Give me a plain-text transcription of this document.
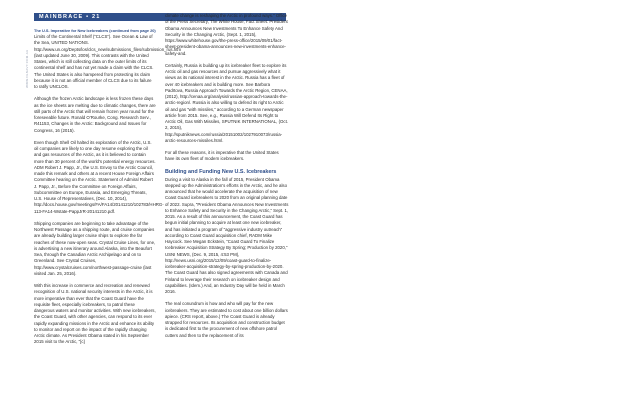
MAINBRACE • 21
WWW.NLNAVY.COM.AU
The U.S. Imperative for New Icebreakers (continued from page 20)

Limits of the Continental Shelf (“CLCS”). See Ocean & Law of the Sea, UNITED NATIONS. http://www.un.org/Depts/los/clcs_new/submissions_files/submission_rus.htm (last updated June 30, 2009). This contrasts with the United States, which is still collecting data on the outer limits of its continental shelf and has not yet made a claim with the CLCS. The United States is also hampered from protecting its claim because it is not an official member of CLCS due to its failure to ratify UNCLOS.

Although the frozen Arctic landscape is less frozen these days as the ice sheets are melting due to climatic changes, there are still parts of the Arctic that will remain frozen year round for the foreseeable future. Ronald O’Rourke, Cong. Research Serv., R41153, Changes in the Arctic: Background and Issues for Congress, 16 (2015).

Even though Shell Oil halted its exploration of the Arctic, U.S. oil companies are likely to one day resume exploring the oil and gas resources of the Arctic, as it is believed to contain more than 30 percent of the world’s potential energy resources. ADM Robert J. Papp, Jr., the U.S. Envoy to the Arctic Council, made this remark and others at a recent House Foreign Affairs Committee hearing on the Arctic. Statement of Admiral Robert J. Papp, Jr., Before the Committee on Foreign Affairs, Subcommittee on Europe, Eurasia, and Emerging Threats, U.S. House of Representatives, (Dec. 10, 2014), http://docs.house.gov/meetings/FA/FA14/20141210/102783/HHRG-113-FA14-Wstate-PappJrR-20141210.pdf.

Shipping companies are beginning to take advantage of the Northwest Passage as a shipping route, and cruise companies are already building larger cruise ships to explore the far reaches of these now-open seas. Crystal Cruise Lines, for one, is advertising a new itinerary around Alaska, into the Beaufort Sea, through the Canadian Arctic Archipelago and on to Greenland. See Crystal Cruises, http://www.crystalcruises.com/northwest-passage-cruise (last visited Jan. 25, 2016).

With this increase in commerce and recreation and renewed recognition of U.S. national security interests in the Arctic, it is more imperative than ever that the Coast Guard have the requisite fleet, especially icebreakers, to patrol these dangerous waters and monitor activities. With new icebreakers, the Coast Guard, with other agencies, can respond to its ever rapidly expanding missions in the Arctic and enhance its ability to monitor and report on the impact of the rapidly changing Arctic climate. As President Obama stated in his September 2015 visit to the Arctic, “[c]

climate change is reshaping the Arctic in profound ways.” Office of the Press Secretary, The White House, Fact Sheet: President Obama Announces New Investments To Enhance Safety And Security in the Changing Arctic, (Sept. 1, 2015), https://www.whitehouse.gov/the-press-office/2015/09/01/fact-sheet-president-obama-announces-new-investments-enhance-safety-and.

Certainly, Russia is building up its icebreaker fleet to explore its Arctic oil and gas resources and pursue aggressively what it views as its national interest in the Arctic. Russia has a fleet of over 40 icebreakers and is building more. See Barbora Padrtova, Russia Approach Towards the Arctic Region, CENAA, (2012), http://cenaa.org/analysis/russian-approach-towards-the-arctic-region/. Russia is also willing to defend its right to Arctic oil and gas “with missiles,” according to a German newspaper article from 2015. See, e.g., Russia Will Defend Its Right to Arctic Oil, Gas With Missiles, SPUTNIK INTERNATIONAL, (Oct. 2, 2015), http://sputniknews.com/russia/20151002/1027910073/russia-arctic-resources-missiles.html.

For all these reasons, it is imperative that the United States have its own fleet of modern icebreakers.

Building and Funding New U.S. Icebreakers

During a visit to Alaska in the fall of 2015, President Obama stepped up the Administration’s efforts in the Arctic, and he also announced that he would accelerate the acquisition of new Coast Guard icebreakers to 2020 from an original planning date of 2022. Supra, “President Obama Announces New Investments to Enhance Safety and Security in the Changing Arctic,” Sept. 1, 2015. As a result of this announcement, the Coast Guard has begun initial planning to acquire at least one new icebreaker, and has initiated a program of “aggressive industry outreach” according to Coast Guard acquisition chief, RADM Mike Haycock. See Megan Eckstein, “Coast Guard To Finalize Icebreaker Acquisition Strategy By Spring; Production by 2020,” USNI NEWS, (Dec. 9, 2015, 4:53 PM), http://news.usni.org/2015/12/09/coast-guard-to-finalize-icebreaker-acquisition-strategy-by-spring-production-by-2020. The Coast Guard has also signed agreements with Canada and Finland to leverage their research on icebreaker design and capabilities. (Idem.) And, an Industry Day will be held in March 2016.

The real conundrum is how and who will pay for the new icebreakers. They are estimated to cost about one billion dollars apiece. (CRS report, above.) The Coast Guard is already strapped for resources. Its acquisition and construction budget is dedicated first to the procurement of new offshore patrol cutters and then to the replacement of its
